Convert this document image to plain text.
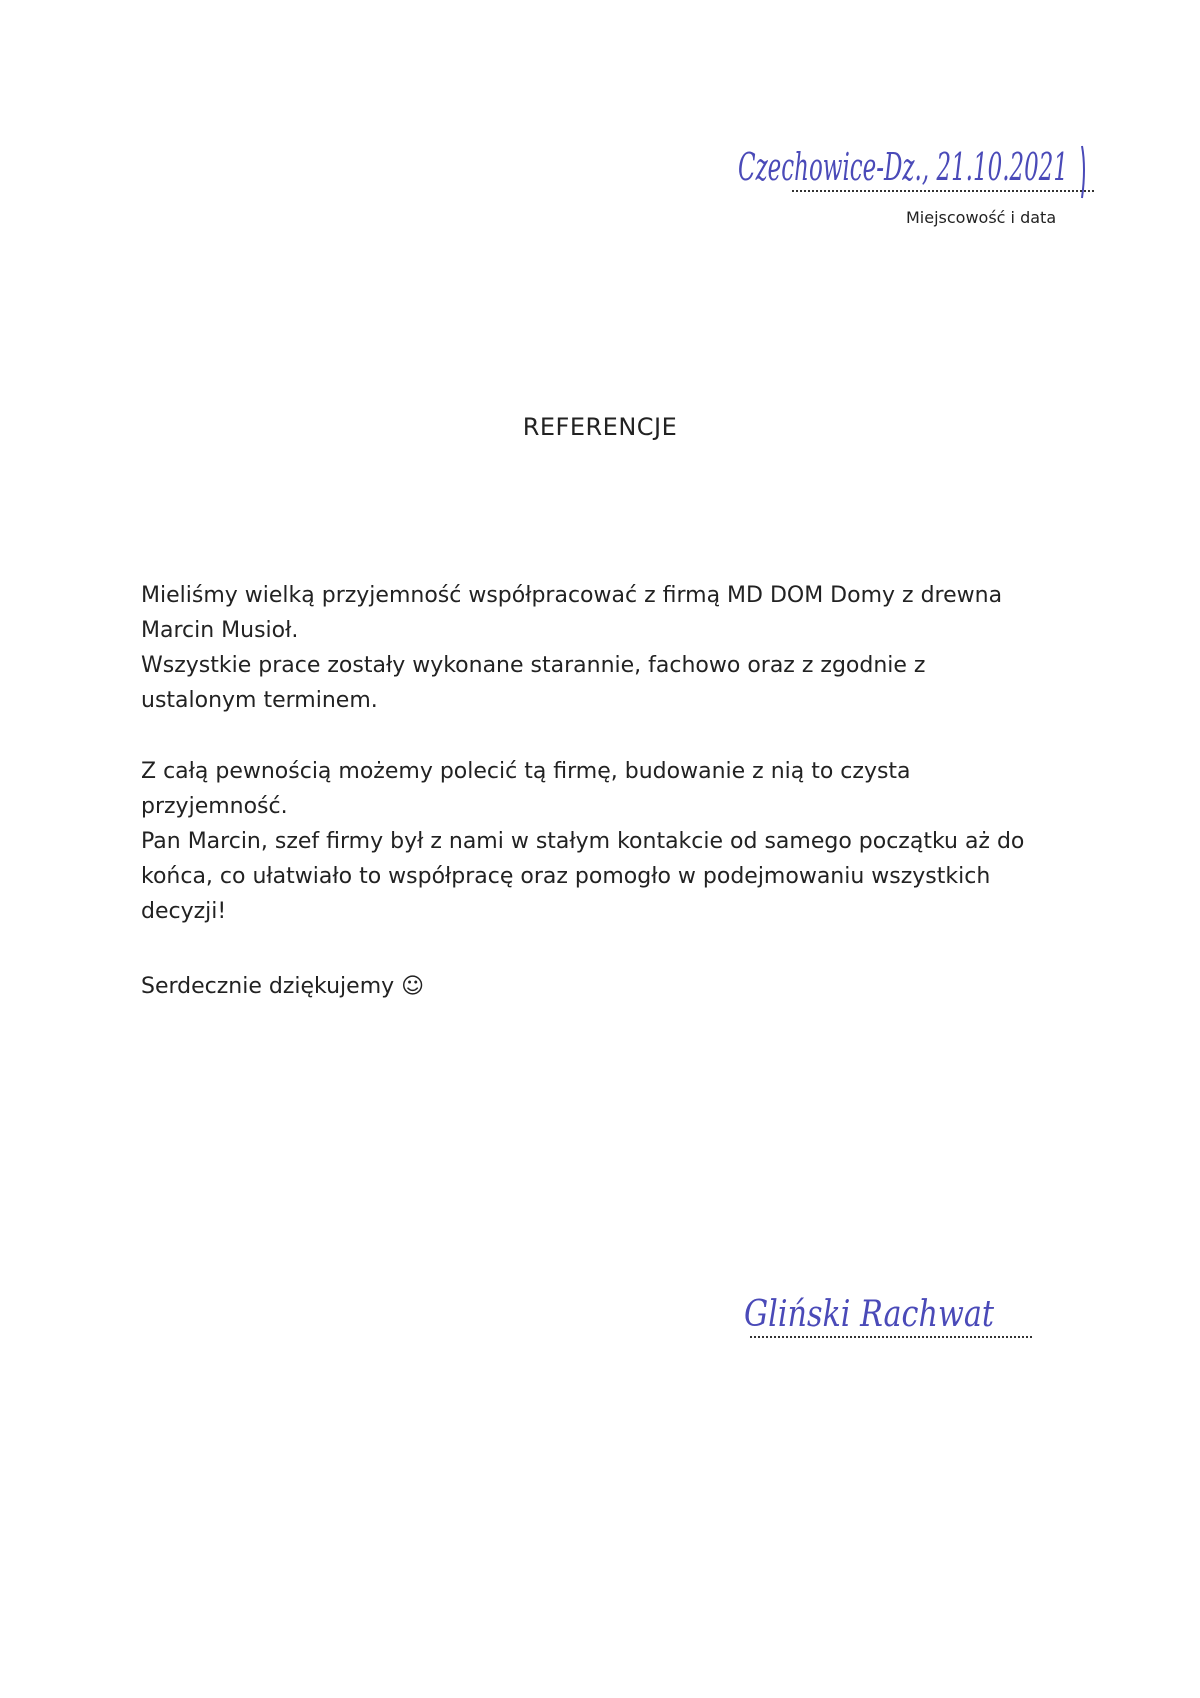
Czechowice-Dz., 21.10.2021
Miejscowość i data
REFERENCJE

Mieliśmy wielką przyjemność współpracować z firmą MD DOM Domy z drewna

Marcin Musioł.

Wszystkie prace zostały wykonane starannie, fachowo oraz z zgodnie z

ustalonym terminem.

Z całą pewnością możemy polecić tą firmę, budowanie z nią to czysta

przyjemność.

Pan Marcin, szef firmy był z nami w stałym kontakcie od samego początku aż do

końca, co ułatwiało to współpracę oraz pomogło w podejmowaniu wszystkich

decyzji!

Serdecznie dziękujemy ☺

Gliński Rachwat
